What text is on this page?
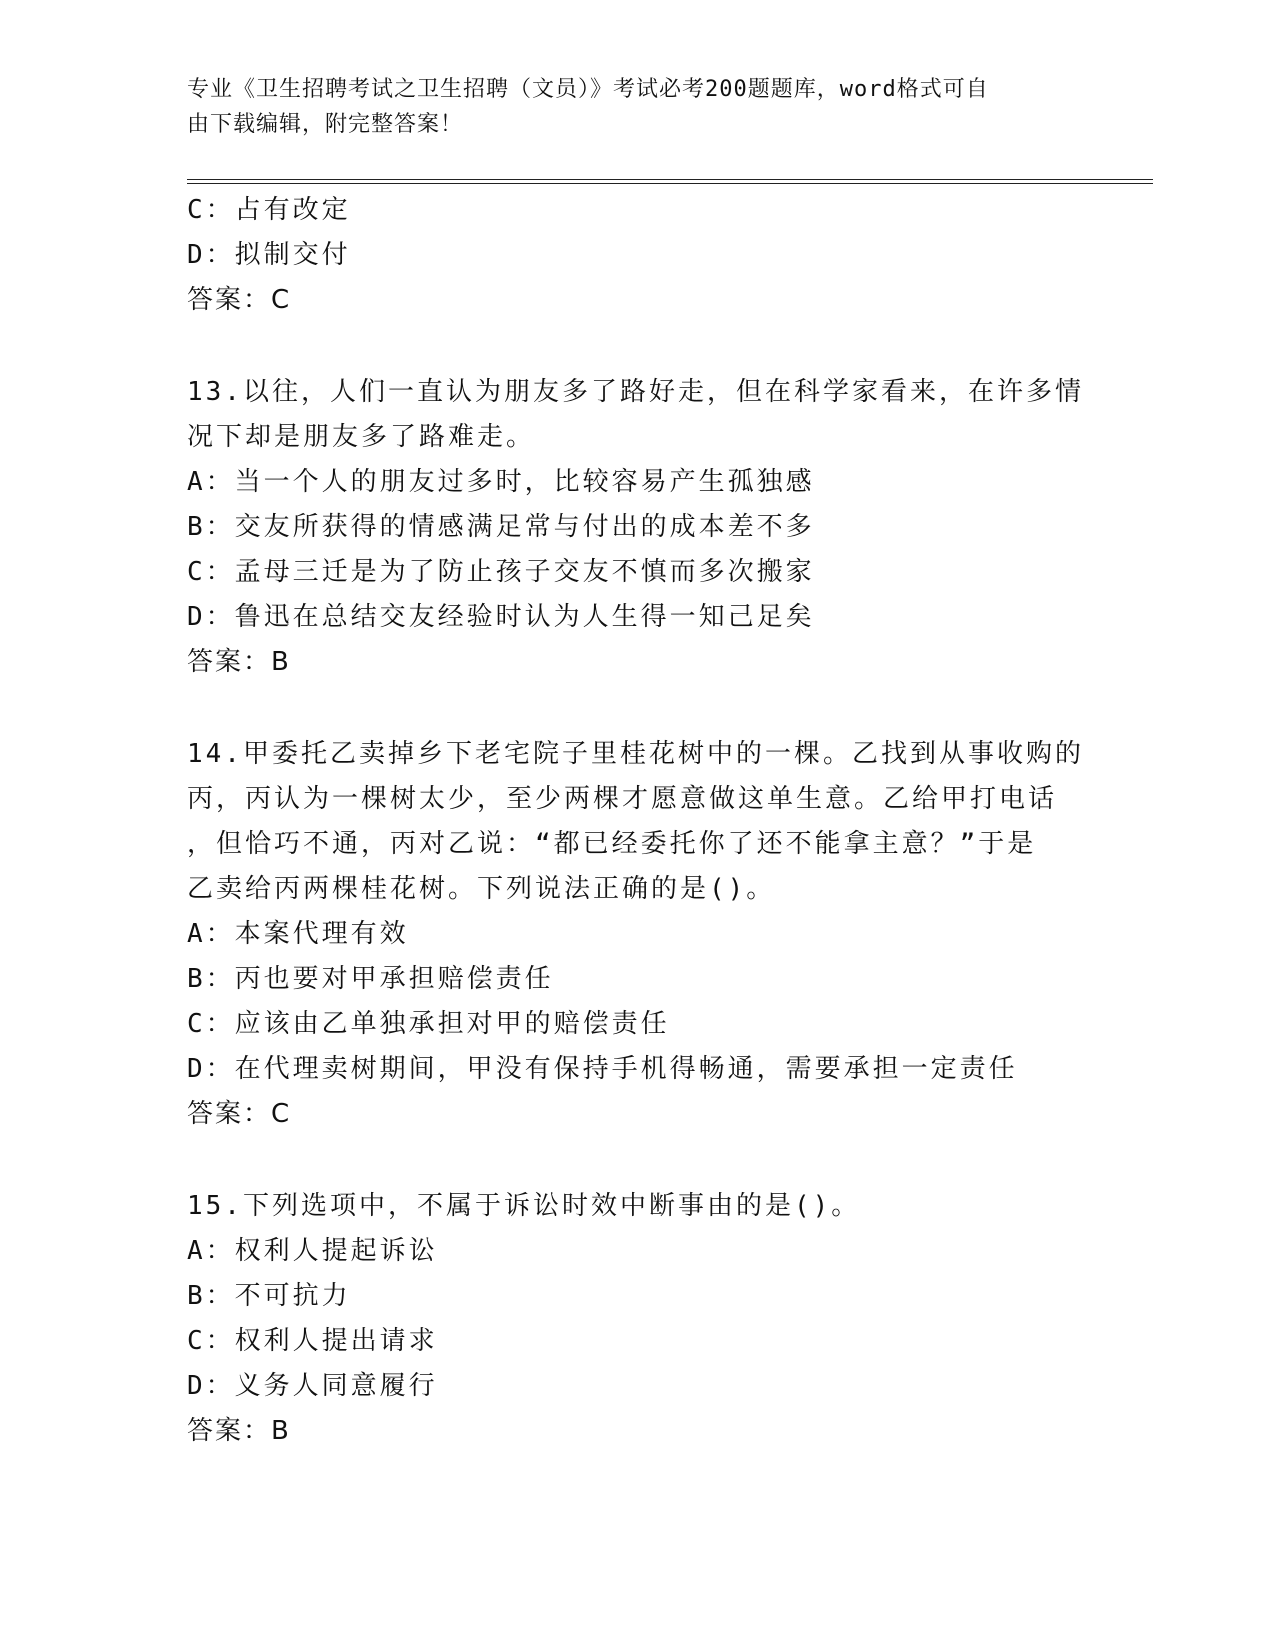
专业《卫生招聘考试之卫生招聘（文员）》考试必考200题题库，word格式可自
由下载编辑，附完整答案！
C：占有改定
D：拟制交付
答案：C
13.以往，人们一直认为朋友多了路好走，但在科学家看来，在许多情
况下却是朋友多了路难走。
A：当一个人的朋友过多时，比较容易产生孤独感
B：交友所获得的情感满足常与付出的成本差不多
C：孟母三迁是为了防止孩子交友不慎而多次搬家
D：鲁迅在总结交友经验时认为人生得一知己足矣
答案：B
14.甲委托乙卖掉乡下老宅院子里桂花树中的一棵。乙找到从事收购的
丙，丙认为一棵树太少，至少两棵才愿意做这单生意。乙给甲打电话
，但恰巧不通，丙对乙说：“都已经委托你了还不能拿主意？”于是
乙卖给丙两棵桂花树。下列说法正确的是()。
A：本案代理有效
B：丙也要对甲承担赔偿责任
C：应该由乙单独承担对甲的赔偿责任
D：在代理卖树期间，甲没有保持手机得畅通，需要承担一定责任
答案：C
15.下列选项中，不属于诉讼时效中断事由的是()。
A：权利人提起诉讼
B：不可抗力
C：权利人提出请求
D：义务人同意履行
答案：B
